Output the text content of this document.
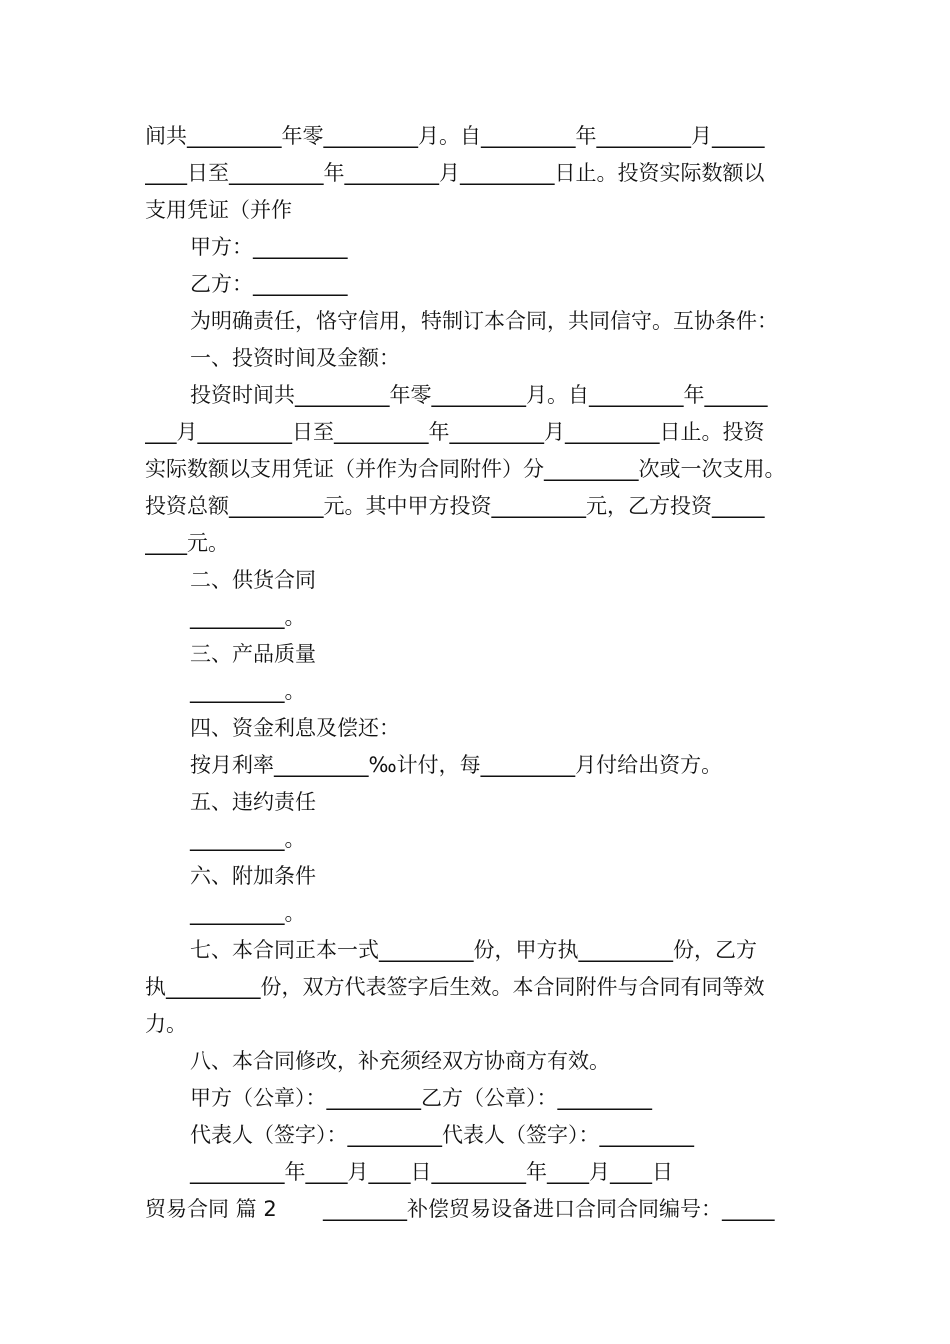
间共_________年零_________月。自_________年_________月_____
____日至_________年_________月_________日止。投资实际数额以
支用凭证（并作
甲方：_________
乙方：_________
为明确责任，恪守信用，特制订本合同，共同信守。互协条件：
一、投资时间及金额：
投资时间共_________年零_________月。自_________年______
___月_________日至_________年_________月_________日止。投资
实际数额以支用凭证（并作为合同附件）分_________次或一次支用。
投资总额_________元。其中甲方投资_________元，乙方投资_____
____元。
二、供货合同
_________。
三、产品质量
_________。
四、资金利息及偿还：
按月利率_________‰计付，每_________月付给出资方。
五、违约责任
_________。
六、附加条件
_________。
七、本合同正本一式_________份，甲方执_________份，乙方
执_________份，双方代表签字后生效。本合同附件与合同有同等效
力。
八、本合同修改，补充须经双方协商方有效。
甲方（公章）：_________乙方（公章）：_________
代表人（签字）：_________代表人（签字）：_________
_________年____月____日_________年____月____日

贸易合同 篇 2

________补偿贸易设备进口合同合同编号：_____
